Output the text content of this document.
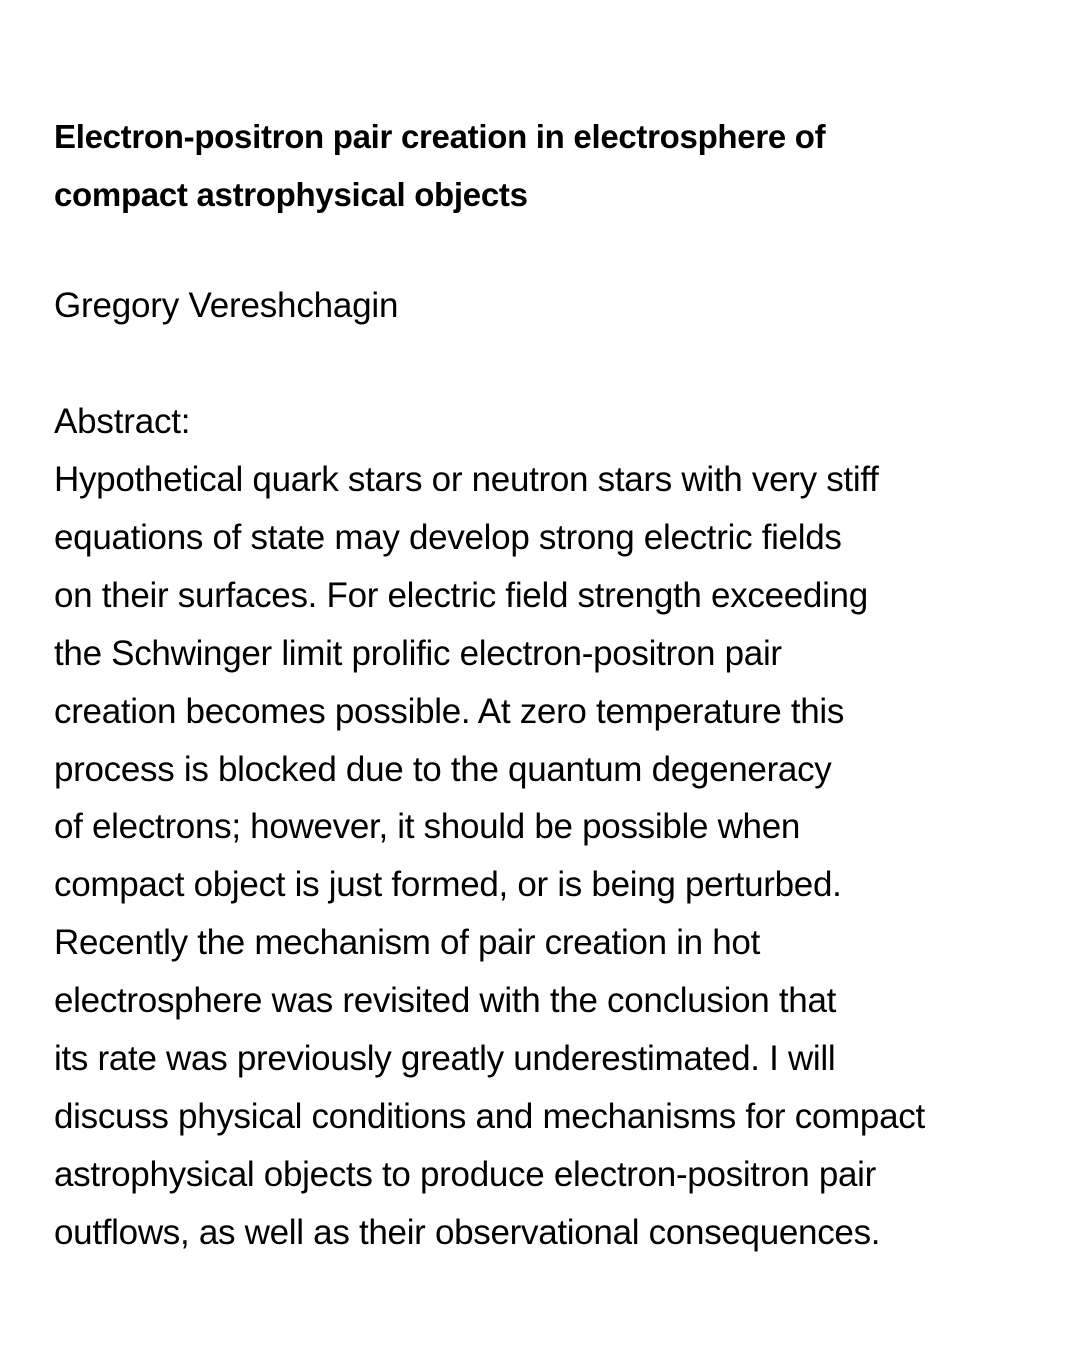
Electron-positron pair creation in electrosphere of
compact astrophysical objects
Gregory Vereshchagin
Abstract:
Hypothetical quark stars or neutron stars with very stiff
equations of state may develop strong electric fields
on their surfaces. For electric field strength exceeding
the Schwinger limit prolific electron-positron pair
creation becomes possible. At zero temperature this
process is blocked due to the quantum degeneracy
of electrons; however, it should be possible when
compact object is just formed, or is being perturbed.
Recently the mechanism of pair creation in hot
electrosphere was revisited with the conclusion that
its rate was previously greatly underestimated. I will
discuss physical conditions and mechanisms for compact
astrophysical objects to produce electron-positron pair
outflows, as well as their observational consequences.
